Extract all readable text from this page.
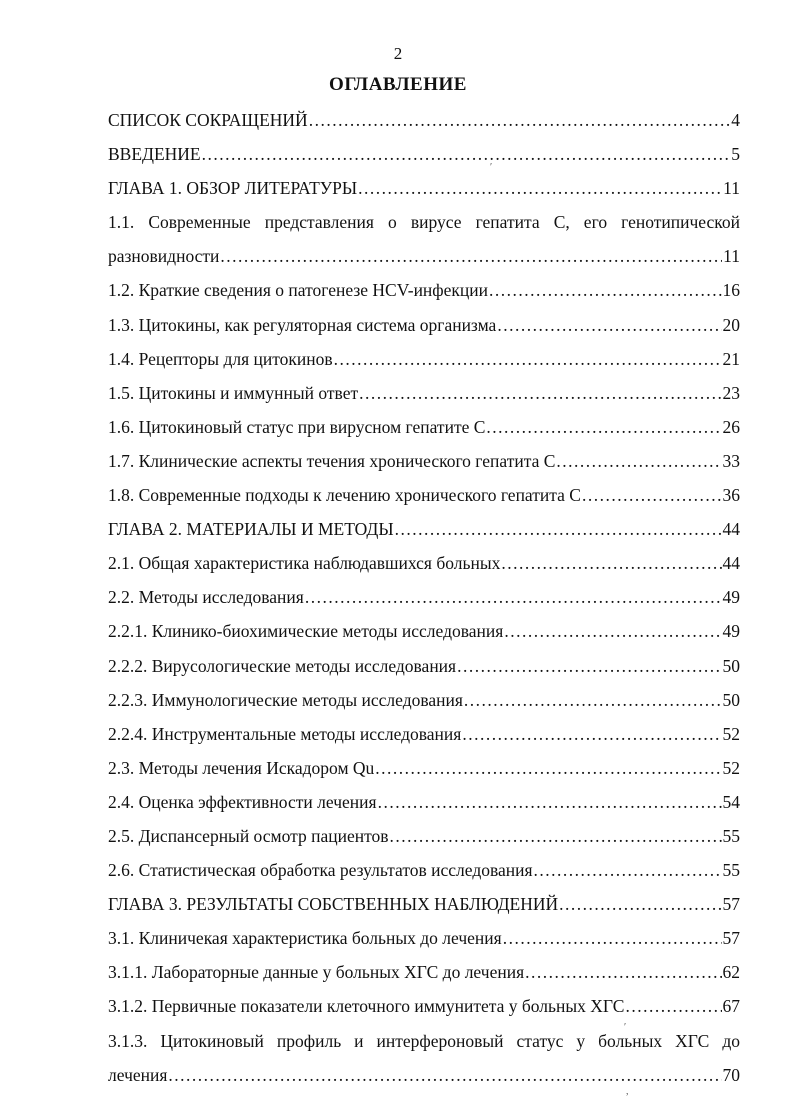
2
ОГЛАВЛЕНИЕ
СПИСОК СОКРАЩЕНИЙ .....	4
ВВЕДЕНИЕ .....	5
ГЛАВА 1. ОБЗОР ЛИТЕРАТУРЫ .....	11
1.1. Современные представления о вирусе гепатита С, его генотипической
разновидности .....	11
1.2. Краткие сведения о патогенезе HCV-инфекции .....	16
1.3. Цитокины, как регуляторная система организма .....	20
1.4. Рецепторы для цитокинов .....	21
1.5. Цитокины и иммунный ответ .....	23
1.6. Цитокиновый статус при вирусном гепатите С .....	26
1.7. Клинические аспекты течения хронического гепатита С .....	33
1.8. Современные подходы к лечению хронического гепатита С .....	36
ГЛАВА 2. МАТЕРИАЛЫ И МЕТОДЫ .....	44
2.1. Общая характеристика наблюдавшихся больных .....	44
2.2. Методы исследования .....	49
2.2.1. Клинико-биохимические методы исследования .....	49
2.2.2. Вирусологические методы исследования .....	50
2.2.3. Иммунологические методы исследования .....	50
2.2.4. Инструментальные методы исследования .....	52
2.3. Методы лечения Искадором Qu .....	52
2.4. Оценка эффективности лечения .....	54
2.5. Диспансерный осмотр пациентов .....	55
2.6. Статистическая обработка результатов исследования .....	55
ГЛАВА 3. РЕЗУЛЬТАТЫ СОБСТВЕННЫХ НАБЛЮДЕНИЙ .....	57
3.1. Клиничекая характеристика больных до лечения .....	57
3.1.1. Лабораторные данные у больных ХГС до лечения .....	62
3.1.2. Первичные показатели клеточного иммунитета у больных ХГС .....	67
3.1.3. Цитокиновый профиль и интерфероновый статус у больных ХГС до
лечения .....	70
′
′
,
